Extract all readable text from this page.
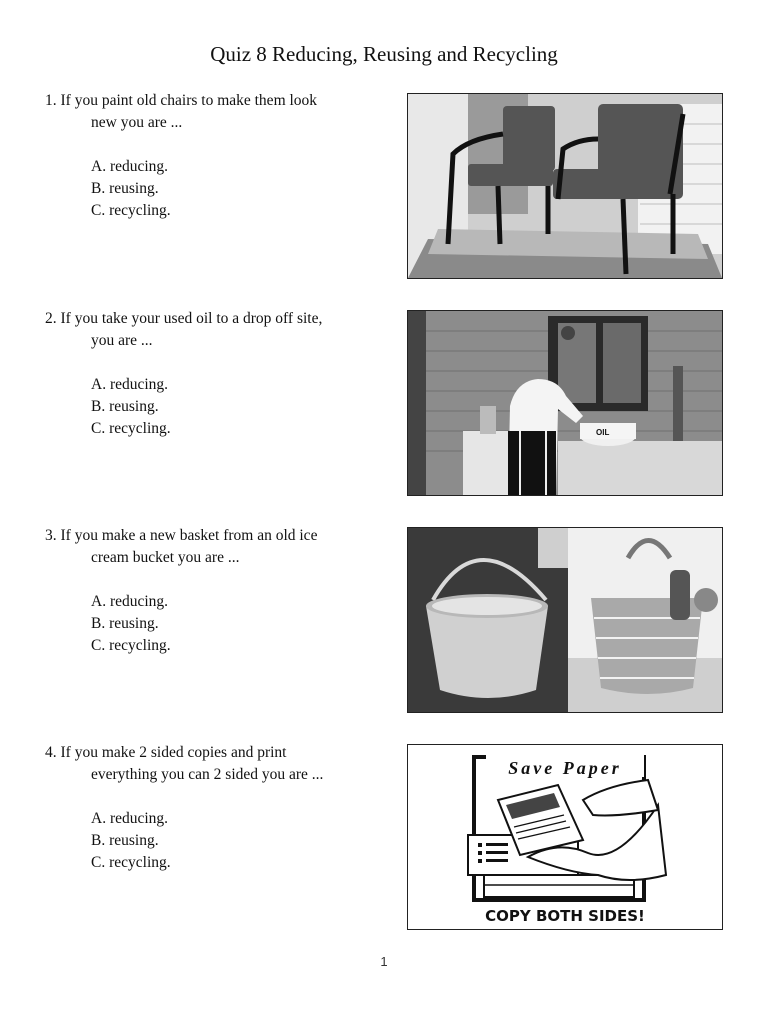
Quiz 8 Reducing, Reusing and Recycling
1. If you paint old chairs to make them look
new you are ...
A. reducing.
B. reusing.
C. recycling.
2. If you take your used oil to a drop off site,
you are ...
A. reducing.
B. reusing.
C. recycling.	OIL
3. If you make a new basket from an old ice
cream bucket you are ...
A. reducing.
B. reusing.
C. recycling.
4. If you make 2 sided copies and print
everything you can 2 sided you are ...
A. reducing.
B. reusing.
C. recycling.
Save Paper
COPY BOTH SIDES!
1
